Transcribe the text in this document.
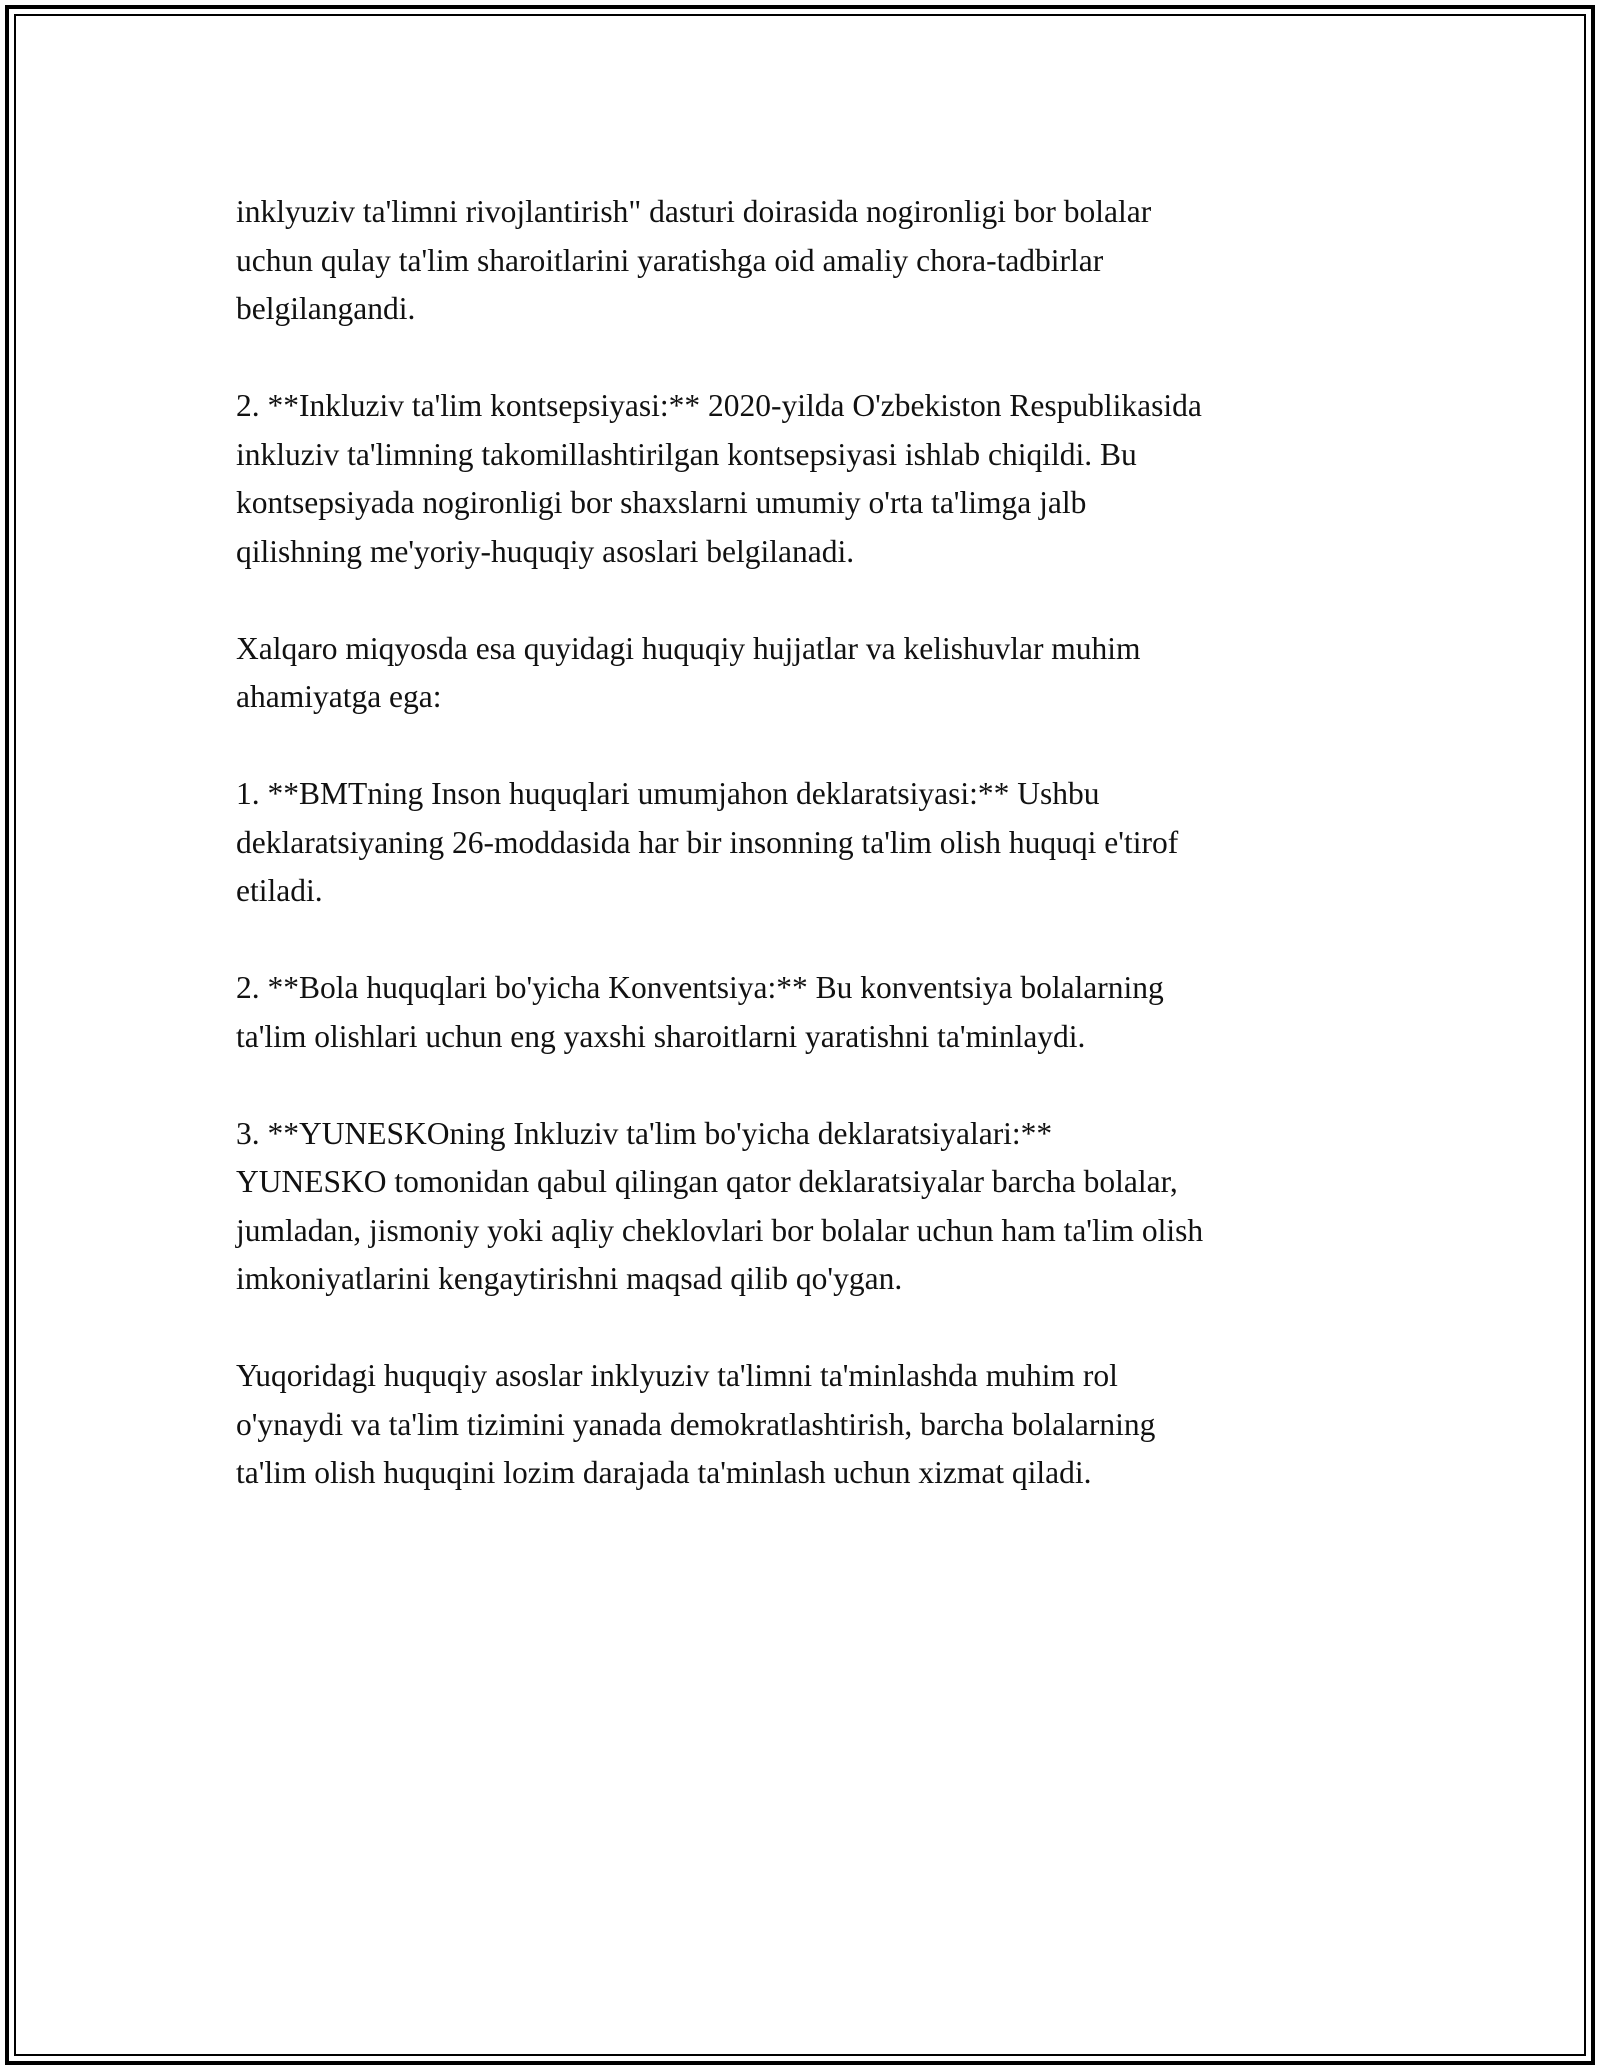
inklyuziv ta'limni rivojlantirish" dasturi doirasida nogironligi bor bolalar
uchun qulay ta'lim sharoitlarini yaratishga oid amaliy chora-tadbirlar
belgilangandi.

2. **Inkluziv ta'lim kontsepsiyasi:** 2020-yilda O'zbekiston Respublikasida
inkluziv ta'limning takomillashtirilgan kontsepsiyasi ishlab chiqildi. Bu
kontsepsiyada nogironligi bor shaxslarni umumiy o'rta ta'limga jalb
qilishning me'yoriy-huquqiy asoslari belgilanadi.

Xalqaro miqyosda esa quyidagi huquqiy hujjatlar va kelishuvlar muhim
ahamiyatga ega:

1. **BMTning Inson huquqlari umumjahon deklaratsiyasi:** Ushbu
deklaratsiyaning 26-moddasida har bir insonning ta'lim olish huquqi e'tirof
etiladi.

2. **Bola huquqlari bo'yicha Konventsiya:** Bu konventsiya bolalarning
ta'lim olishlari uchun eng yaxshi sharoitlarni yaratishni ta'minlaydi.

3. **YUNESKOning Inkluziv ta'lim bo'yicha deklaratsiyalari:**
YUNESKO tomonidan qabul qilingan qator deklaratsiyalar barcha bolalar,
jumladan, jismoniy yoki aqliy cheklovlari bor bolalar uchun ham ta'lim olish
imkoniyatlarini kengaytirishni maqsad qilib qo'ygan.

Yuqoridagi huquqiy asoslar inklyuziv ta'limni ta'minlashda muhim rol
o'ynaydi va ta'lim tizimini yanada demokratlashtirish, barcha bolalarning
ta'lim olish huquqini lozim darajada ta'minlash uchun xizmat qiladi.
